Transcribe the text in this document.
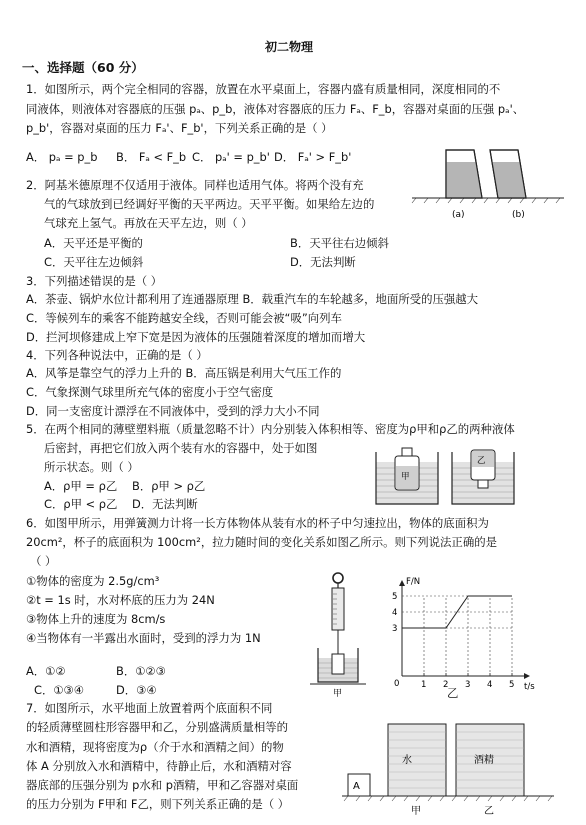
初二物理
一、选择题（60 分）
1．如图所示，两个完全相同的容器，放置在水平桌面上，容器内盛有质量相同，深度相同的不
同液体，则液体对容器底的压强 pₐ、p_b，液体对容器底的压力 Fₐ、F_b，容器对桌面的压强 pₐ'、
p_b'，容器对桌面的压力 Fₐ'、F_b'，下列关系正确的是（ ）
A． pₐ = p_b B． Fₐ < F_b C． pₐ' = p_b' D． Fₐ' > F_b'
(a)	(b)
2．阿基米德原理不仅适用于液体。同样也适用气体。将两个没有充
气的气球放到已经调好平衡的天平两边。天平平衡。如果给左边的
气球充上氢气。再放在天平左边，则（ ）
A．天平还是平衡的	B．天平往右边倾斜
C．天平往左边倾斜	D．无法判断
3．下列描述错误的是（ ）
A．茶壶、锅炉水位计都利用了连通器原理 B．载重汽车的车轮越多，地面所受的压强越大
C．等候列车的乘客不能跨越安全线，否则可能会被“吸”向列车
D．拦河坝修建成上窄下宽是因为液体的压强随着深度的增加而增大
4．下列各种说法中，正确的是（ ）
A．风筝是靠空气的浮力上升的 B．高压锅是利用大气压工作的
C．气象探测气球里所充气体的密度小于空气密度
D．同一支密度计漂浮在不同液体中，受到的浮力大小不同
5．在两个相同的薄壁塑料瓶（质量忽略不计）内分别装入体积相等、密度为ρ甲和ρ乙的两种液体
后密封，再把它们放入两个装有水的容器中，处于如图
所示状态。则（ ）
A．ρ甲 = ρ乙 B．ρ甲 > ρ乙
C．ρ甲 < ρ乙 D．无法判断
甲
乙
6．如图甲所示，用弹簧测力计将一长方体物体从装有水的杯子中匀速拉出，物体的底面积为
20cm²，杯子的底面积为 100cm²，拉力随时间的变化关系如图乙所示。则下列说法正确的是
（ ）
①物体的密度为 2.5g/cm³
②t = 1s 时，水对杯底的压力为 24N
③物体上升的速度为 8cm/s
④当物体有一半露出水面时，受到的浮力为 1N
A．①②	B．①②③
C．①③④	D．③④	甲
F/N
t/s
0	1 2 3 4 5
3
4
5
乙
7．如图所示，水平地面上放置着两个底面积不同
的轻质薄壁圆柱形容器甲和乙，分别盛满质量相等的
水和酒精，现将密度为ρ（介于水和酒精之间）的物
体 A 分别放入水和酒精中，待静止后，水和酒精对容
器底部的压强分别为 p水和 p酒精，甲和乙容器对桌面
的压力分别为 F甲和 F乙，则下列关系正确的是（ ）
A
水	酒精
甲	乙
